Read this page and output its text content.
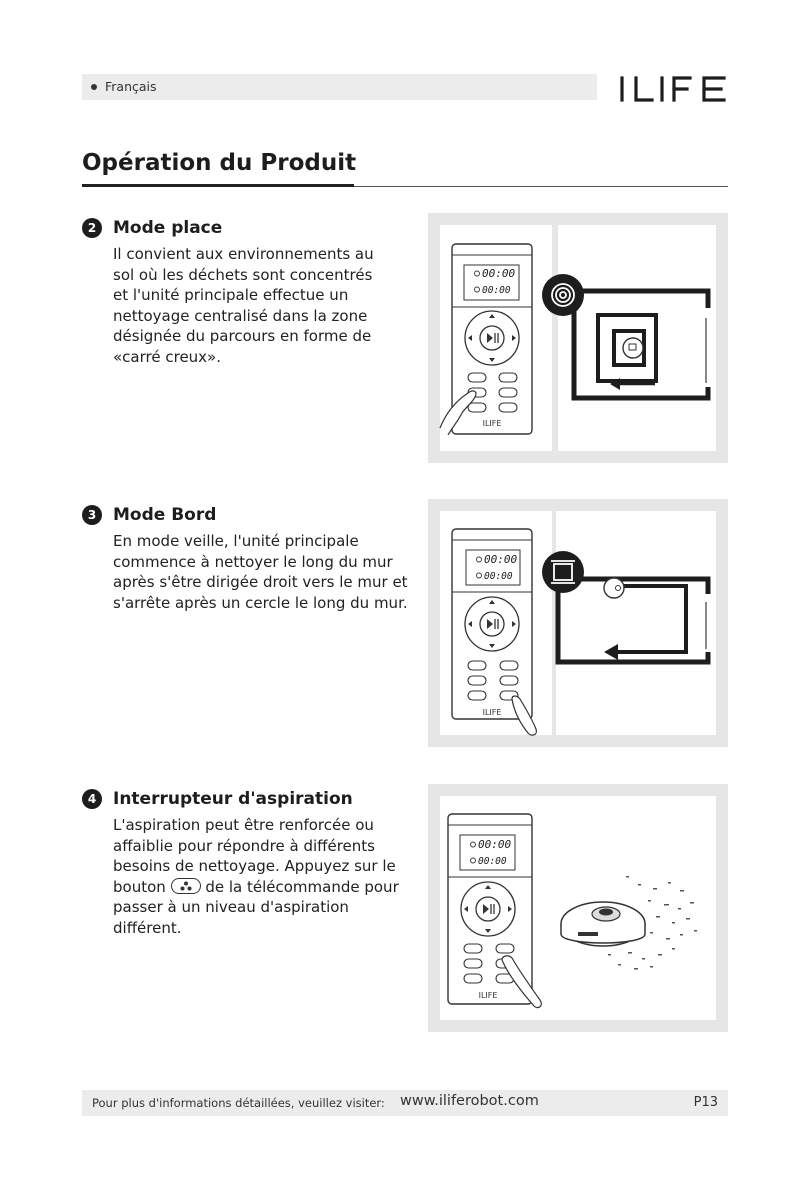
Français
Opération du Produit
2 Mode place

Il convient aux environnements au sol où les déchets sont concentrés et l'unité principale effectue un nettoyage centralisé dans la zone désignée du parcours en forme de «carré creux».

3 Mode Bord

En mode veille, l'unité principale commence à nettoyer le long du mur après s'être dirigée droit vers le mur et s'arrête après un cercle le long du mur.

4 Interrupteur d'aspiration

L'aspiration peut être renforcée ou affaiblie pour répondre à différents besoins de nettoyage. Appuyez sur le bouton	de la télécommande pour passer à un niveau d'aspiration différent.

ILIFE
00:00
00:00
ILIFE
00:00
00:00
ILIFE
00:00
00:00
Pour plus d'informations détaillées, veuillez visiter: www.iliferobot.com	P13
